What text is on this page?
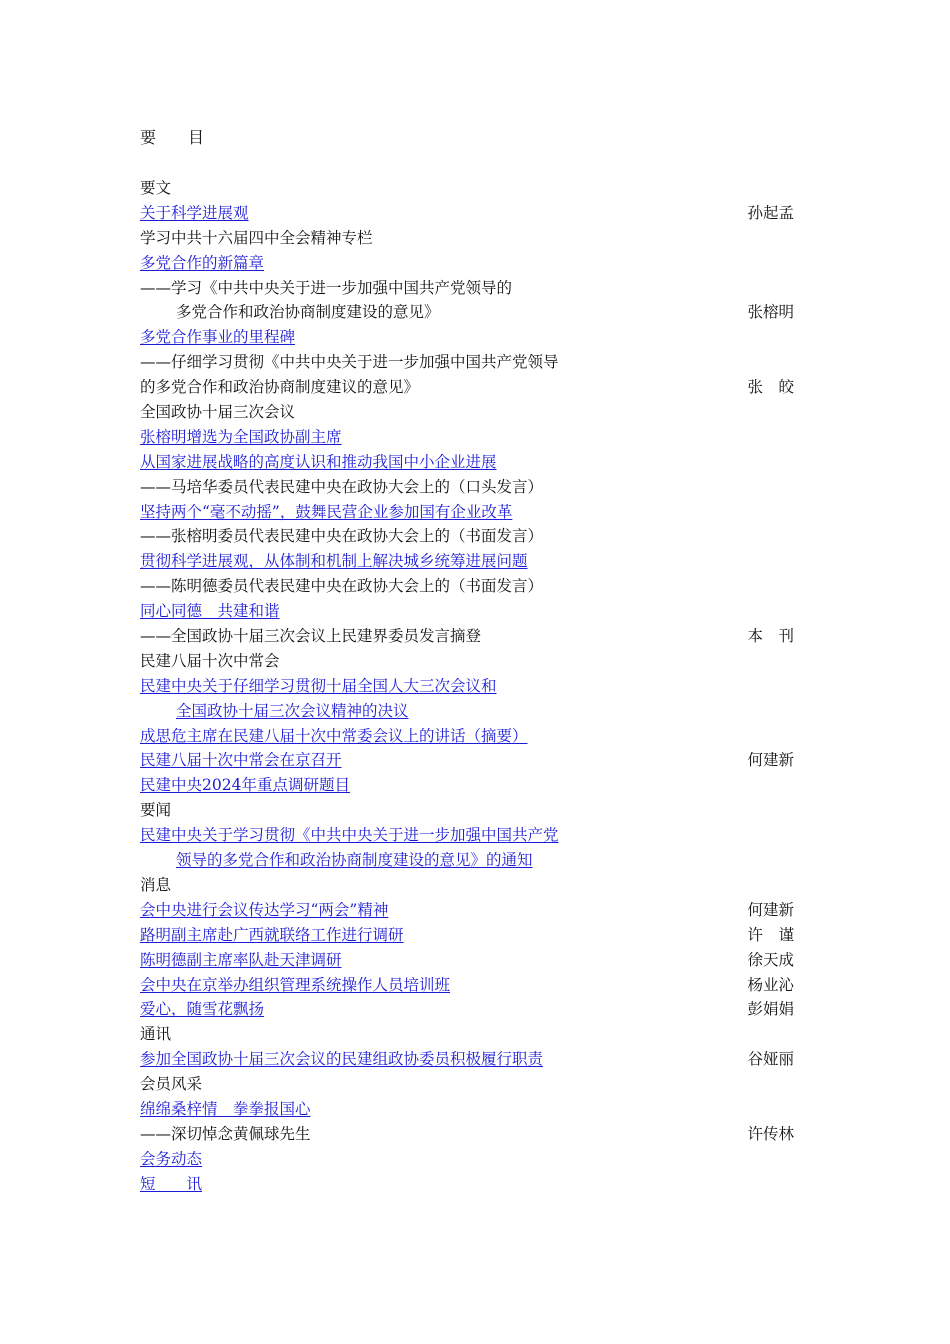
要　　目
要文
关于科学进展观	孙起孟
学习中共十六届四中全会精神专栏
多党合作的新篇章
——学习《中共中央关于进一步加强中国共产党领导的
多党合作和政治协商制度建设的意见》	张榕明
多党合作事业的里程碑
——仔细学习贯彻《中共中央关于进一步加强中国共产党领导
的多党合作和政治协商制度建议的意见》	张　皎
全国政协十届三次会议
张榕明增选为全国政协副主席
从国家进展战略的高度认识和推动我国中小企业进展
——马培华委员代表民建中央在政协大会上的（口头发言）
坚持两个“毫不动摇”，鼓舞民营企业参加国有企业改革
——张榕明委员代表民建中央在政协大会上的（书面发言）
贯彻科学进展观，从体制和机制上解决城乡统筹进展问题
——陈明德委员代表民建中央在政协大会上的（书面发言）
同心同德　共建和谐
——全国政协十届三次会议上民建界委员发言摘登	本　刊
民建八届十次中常会
民建中央关于仔细学习贯彻十届全国人大三次会议和
全国政协十届三次会议精神的决议
成思危主席在民建八届十次中常委会议上的讲话（摘要）
民建八届十次中常会在京召开	何建新
民建中央2024年重点调研题目
要闻
民建中央关于学习贯彻《中共中央关于进一步加强中国共产党
领导的多党合作和政治协商制度建设的意见》的通知
消息
会中央进行会议传达学习“两会”精神	何建新
路明副主席赴广西就联络工作进行调研	许　谨
陈明德副主席率队赴天津调研	徐天成
会中央在京举办组织管理系统操作人员培训班	杨业沁
爱心，随雪花飘扬	彭娟娟
通讯
参加全国政协十届三次会议的民建组政协委员积极履行职责	谷娅丽
会员风采
绵绵桑梓情　拳拳报国心
——深切悼念黄佩球先生	许传林
会务动态
短　　讯
